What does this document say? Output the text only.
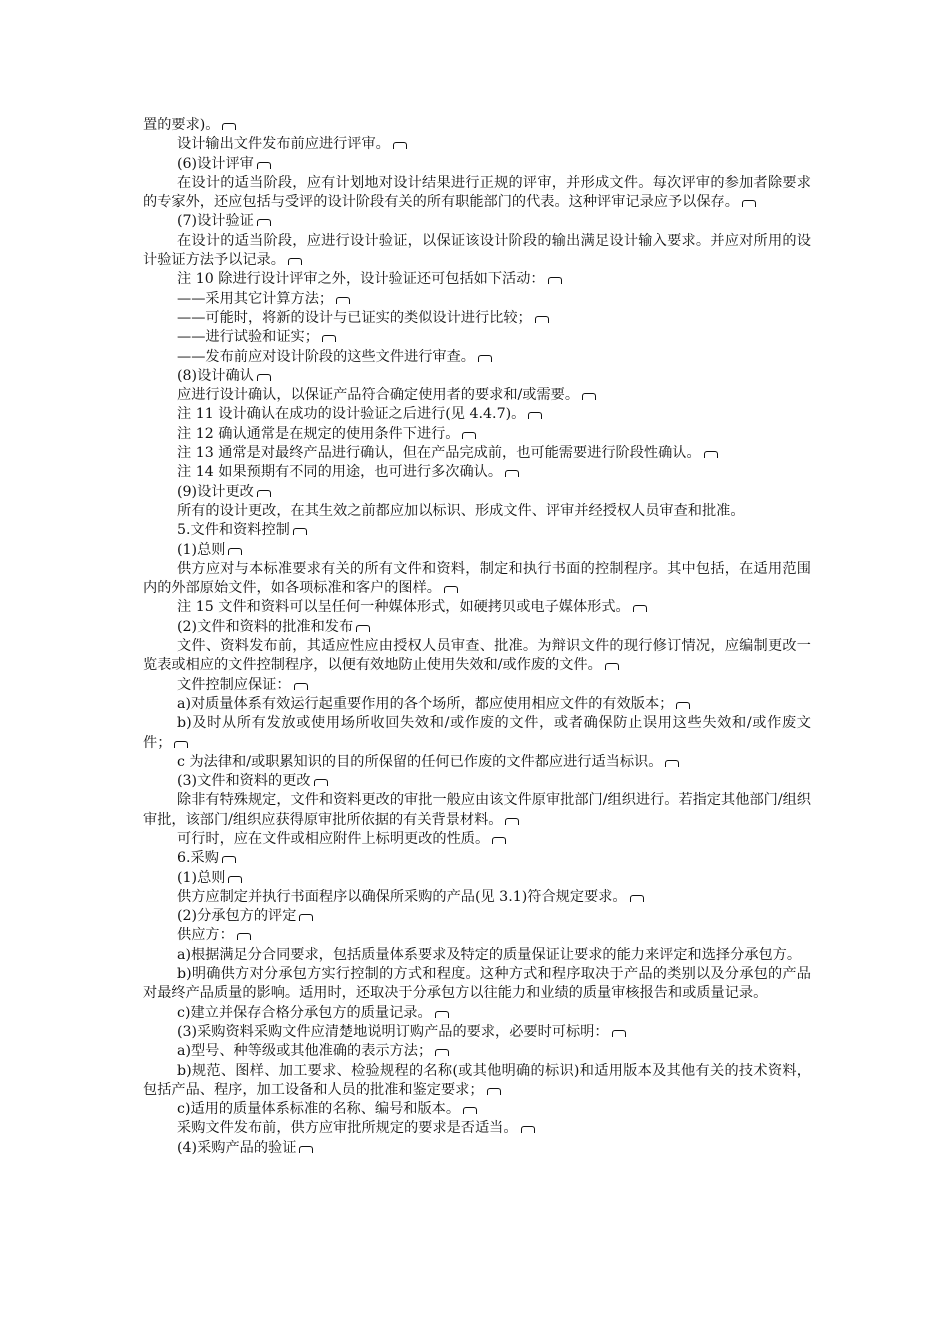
置的要求)。

设计输出文件发布前应进行评审。

(6)设计评审

在设计的适当阶段，应有计划地对设计结果进行正规的评审，并形成文件。每次评审的参加者除要求的专家外，还应包括与受评的设计阶段有关的所有职能部门的代表。这种评审记录应予以保存。

(7)设计验证

在设计的适当阶段，应进行设计验证，以保证该设计阶段的输出满足设计输入要求。并应对所用的设计验证方法予以记录。

注 10 除进行设计评审之外，设计验证还可包括如下活动：

——采用其它计算方法；

——可能时，将新的设计与已证实的类似设计进行比较；

——进行试验和证实；

——发布前应对设计阶段的这些文件进行审查。

(8)设计确认

应进行设计确认，以保证产品符合确定使用者的要求和/或需要。

注 11 设计确认在成功的设计验证之后进行(见 4.4.7)。

注 12 确认通常是在规定的使用条件下进行。

注 13 通常是对最终产品进行确认，但在产品完成前，也可能需要进行阶段性确认。

注 14 如果预期有不同的用途，也可进行多次确认。

(9)设计更改

所有的设计更改，在其生效之前都应加以标识、形成文件、评审并经授权人员审查和批准。

5.文件和资料控制

(1)总则

供方应对与本标准要求有关的所有文件和资料，制定和执行书面的控制程序。其中包括，在适用范围内的外部原始文件，如各项标准和客户的图样。

注 15 文件和资料可以呈任何一种媒体形式，如硬拷贝或电子媒体形式。

(2)文件和资料的批准和发布

文件、资料发布前，其适应性应由授权人员审查、批准。为辩识文件的现行修订情况，应编制更改一览表或相应的文件控制程序，以便有效地防止使用失效和/或作废的文件。

文件控制应保证：

a)对质量体系有效运行起重要作用的各个场所，都应使用相应文件的有效版本；

b)及时从所有发放或使用场所收回失效和/或作废的文件，或者确保防止误用这些失效和/或作废文件；

c 为法律和/或职累知识的目的所保留的任何已作废的文件都应进行适当标识。

(3)文件和资料的更改

除非有特殊规定，文件和资料更改的审批一般应由该文件原审批部门/组织进行。若指定其他部门/组织审批，该部门/组织应获得原审批所依据的有关背景材料。

可行时，应在文件或相应附件上标明更改的性质。

6.采购

(1)总则

供方应制定并执行书面程序以确保所采购的产品(见 3.1)符合规定要求。

(2)分承包方的评定

供应方：

a)根据满足分合同要求，包括质量体系要求及特定的质量保证让要求的能力来评定和选择分承包方。

b)明确供方对分承包方实行控制的方式和程度。这种方式和程序取决于产品的类别以及分承包的产品对最终产品质量的影响。适用时，还取决于分承包方以往能力和业绩的质量审核报告和或质量记录。

c)建立并保存合格分承包方的质量记录。

(3)采购资料采购文件应清楚地说明订购产品的要求，必要时可标明：

a)型号、种等级或其他准确的表示方法；

b)规范、图样、加工要求、检验规程的名称(或其他明确的标识)和适用版本及其他有关的技术资料，包括产品、程序，加工设备和人员的批准和鉴定要求；

c)适用的质量体系标准的名称、编号和版本。

采购文件发布前，供方应审批所规定的要求是否适当。

(4)采购产品的验证
